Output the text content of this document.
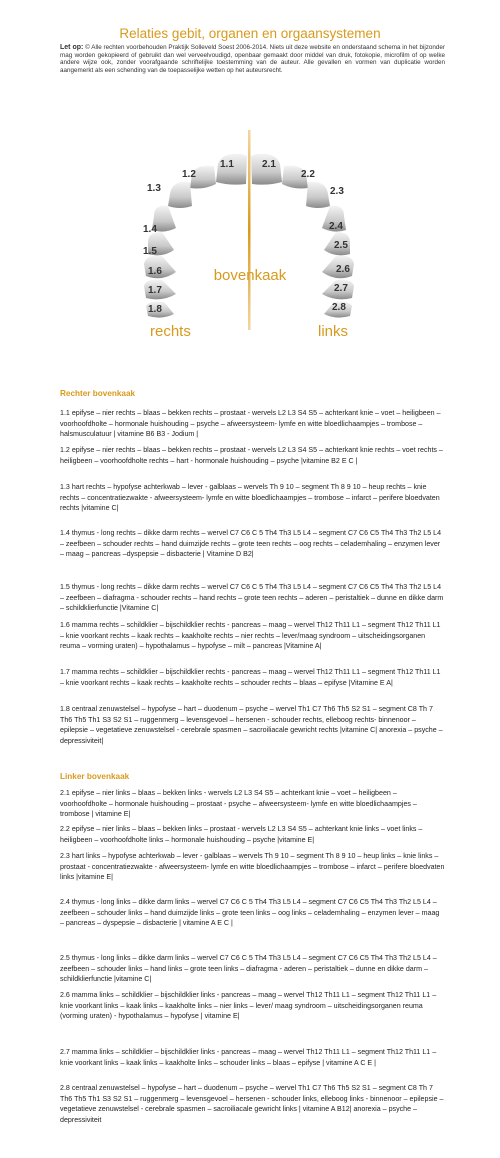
Relaties gebit, organen en orgaansystemen
Let op: © Alle rechten voorbehouden Praktijk Solleveld Soest 2006-2014. Niets uit deze website en onderstaand schema in het bijzonder mag worden gekopieerd of gebruikt dan wel verveelvoudigd, openbaar gemaakt door middel van druk, fotokopie, microfilm of op welke andere wijze ook, zonder voorafgaande schriftelijke toestemming van de auteur. Alle gevallen en vormen van duplicatie worden aangemerkt als een schending van de toepasselijke wetten op het auteursrecht.
1.1
1.2
1.3
1.4
1.5
1.6
1.7
1.8
2.1
2.2
2.3
2.4
2.5
2.6
2.7
2.8
bovenkaak
rechts	links
Rechter bovenkaak
1.1 epifyse – nier rechts – blaas – bekken rechts – prostaat - wervels L2 L3 S4 S5 – achterkant knie – voet – heiligbeen – voorhoofdholte – hormonale huishouding – psyche – afweersysteem- lymfe en witte bloedlichaampjes – trombose –halsmusculatuur | vitamine B6 B3 - Jodium |
1.2 epifyse – nier rechts – blaas – bekken rechts – prostaat - wervels L2 L3 S4 S5 – achterkant knie rechts – voet rechts – heiligbeen – voorhoofdholte rechts – hart - hormonale huishouding – psyche |vitamine B2 E C |
1.3 hart rechts – hypofyse achterkwab – lever - galblaas – wervels Th 9 10 – segment Th 8 9 10 – heup rechts – knie rechts – concentratiezwakte - afweersysteem- lymfe en witte bloedlichaampjes – trombose – infarct – perifere bloedvaten rechts |vitamine C|
1.4 thymus - long rechts – dikke darm rechts – wervel C7 C6 C 5 Th4 Th3 L5 L4 – segment C7 C6 C5 Th4 Th3 Th2 L5 L4 – zeefbeen – schouder rechts – hand duimzijde rechts – grote teen rechts – oog rechts – celademhaling – enzymen lever – maag – pancreas –dyspepsie – disbacterie | Vitamine D B2|
1.5 thymus - long rechts – dikke darm rechts – wervel C7 C6 C 5 Th4 Th3 L5 L4 – segment C7 C6 C5 Th4 Th3 Th2 L5 L4 – zeefbeen – diafragma - schouder rechts – hand rechts – grote teen rechts – aderen – peristaltiek – dunne en dikke darm – schildklierfunctie |Vitamine C|
1.6 mamma rechts – schildklier – bijschildklier rechts - pancreas – maag – wervel Th12 Th11 L1 – segment Th12 Th11 L1 – knie voorkant rechts – kaak rechts – kaakholte rechts – nier rechts – lever/maag syndroom – uitscheidingsorganen reuma – vorming uraten) – hypothalamus – hypofyse – milt – pancreas |Vitamine A|
1.7 mamma rechts – schildklier – bijschildklier rechts - pancreas – maag – wervel Th12 Th11 L1 – segment Th12 Th11 L1 – knie voorkant rechts – kaak rechts – kaakholte rechts – schouder rechts – blaas – epifyse |Vitamine E A|
1.8 centraal zenuwstelsel – hypofyse – hart – duodenum – psyche – wervel Th1 C7 Th6 Th5 S2 S1 – segment C8 Th 7 Th6 Th5 Th1 S3 S2 S1 – ruggenmerg – levensgevoel – hersenen - schouder rechts, elleboog rechts- binnenoor – epilepsie – vegetatieve zenuwstelsel - cerebrale spasmen – sacroiliacale gewricht rechts |vitamine C| anorexia – psyche – depressiviteit|
Linker bovenkaak
2.1 epifyse – nier links – blaas – bekken links - wervels L2 L3 S4 S5 – achterkant knie – voet – heiligbeen – voorhoofdholte – hormonale huishouding – prostaat - psyche – afweersysteem- lymfe en witte bloedlichaampjes – trombose | vitamine E|
2.2 epifyse – nier links – blaas – bekken links – prostaat - wervels L2 L3 S4 S5 – achterkant knie links – voet links – heiligbeen – voorhoofdholte links – hormonale huishouding – psyche |vitamine E|
2.3 hart links – hypofyse achterkwab – lever - galblaas – wervels Th 9 10 – segment Th 8 9 10 – heup links – knie links – prostaat - concentratiezwakte - afweersysteem- lymfe en witte bloedlichaampjes – trombose – infarct – perifere bloedvaten links |vitamine E|
2.4 thymus - long links – dikke darm links – wervel C7 C6 C 5 Th4 Th3 L5 L4 – segment C7 C6 C5 Th4 Th3 Th2 L5 L4 – zeefbeen – schouder links – hand duimzijde links – grote teen links – oog links – celademhaling – enzymen lever – maag – pancreas – dyspepsie – disbacterie | vitamine A E C |
2.5 thymus - long links – dikke darm links – wervel C7 C6 C 5 Th4 Th3 L5 L4 – segment C7 C6 C5 Th4 Th3 Th2 L5 L4 – zeefbeen – schouder links – hand links – grote teen links – diafragma - aderen – peristaltiek – dunne en dikke darm – schildklierfunctie |vitamine C|
2.6 mamma links – schildklier – bijschildklier links - pancreas – maag – wervel Th12 Th11 L1 – segment Th12 Th11 L1 – knie voorkant links – kaak links – kaakholte links – nier links – lever/ maag syndroom – uitscheidingsorganen reuma (vorming uraten) - hypothalamus – hypofyse | vitamine E|
2.7 mamma links – schildklier – bijschildklier links - pancreas – maag – wervel Th12 Th11 L1 – segment Th12 Th11 L1 – knie voorkant links – kaak links – kaakholte links – schouder links – blaas – epifyse | vitamine A C E |
2.8 centraal zenuwstelsel – hypofyse – hart – duodenum – psyche – wervel Th1 C7 Th6 Th5 S2 S1 – segment C8 Th 7 Th6 Th5 Th1 S3 S2 S1 – ruggenmerg – levensgevoel – hersenen - schouder links, elleboog links - binnenoor – epilepsie – vegetatieve zenuwstelsel - cerebrale spasmen – sacroiliacale gewricht links | vitamine A B12| anorexia – psyche – depressiviteit
